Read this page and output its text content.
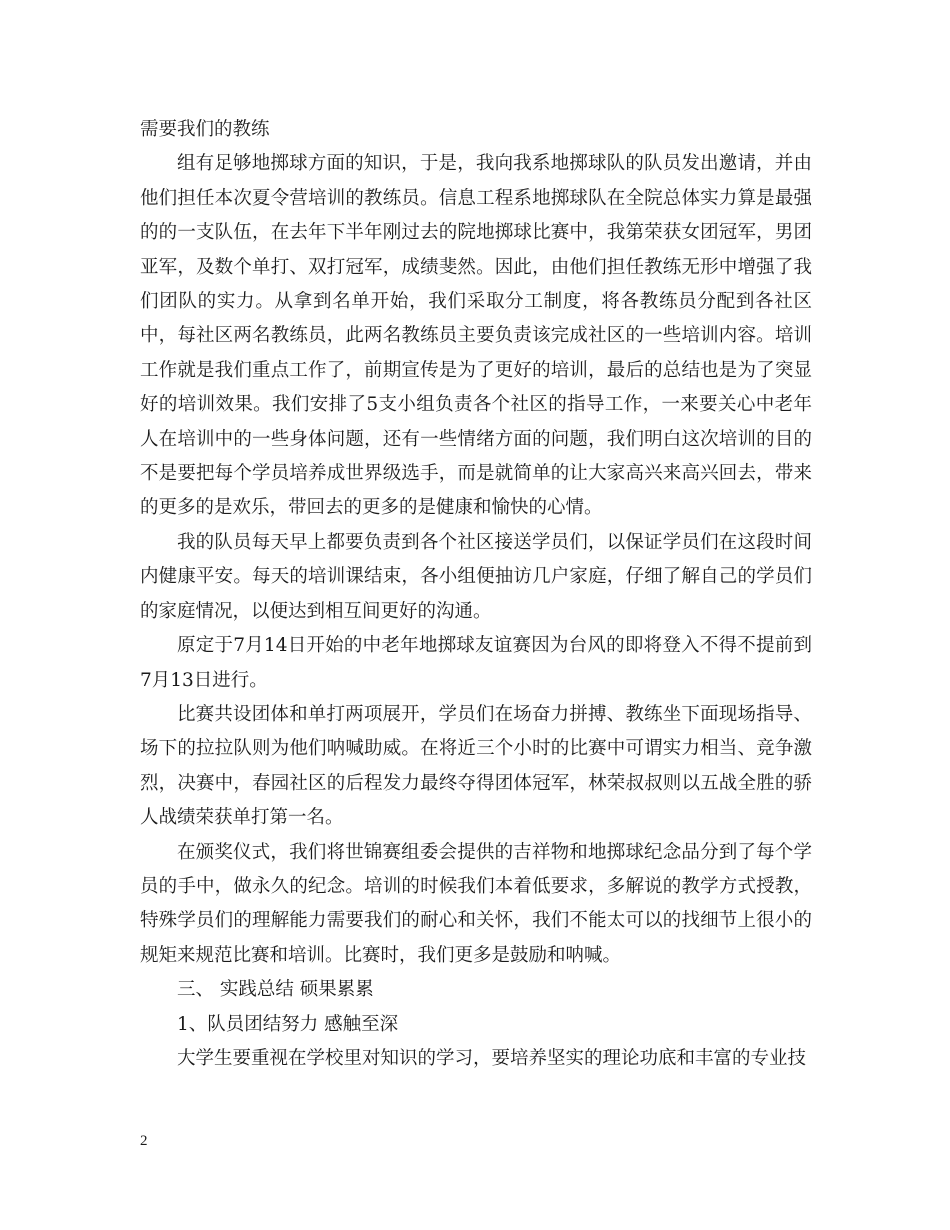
需要我们的教练

组有足够地掷球方面的知识，于是，我向我系地掷球队的队员发出邀请，并由他们担任本次夏令营培训的教练员。信息工程系地掷球队在全院总体实力算是最强的的一支队伍，在去年下半年刚过去的院地掷球比赛中，我第荣获女团冠军，男团亚军，及数个单打、双打冠军，成绩斐然。因此，由他们担任教练无形中增强了我们团队的实力。从拿到名单开始，我们采取分工制度，将各教练员分配到各社区中，每社区两名教练员，此两名教练员主要负责该完成社区的一些培训内容。培训工作就是我们重点工作了，前期宣传是为了更好的培训，最后的总结也是为了突显好的培训效果。我们安排了5支小组负责各个社区的指导工作，一来要关心中老年人在培训中的一些身体问题，还有一些情绪方面的问题，我们明白这次培训的目的不是要把每个学员培养成世界级选手，而是就简单的让大家高兴来高兴回去，带来的更多的是欢乐，带回去的更多的是健康和愉快的心情。

我的队员每天早上都要负责到各个社区接送学员们，以保证学员们在这段时间内健康平安。每天的培训课结束，各小组便抽访几户家庭，仔细了解自己的学员们的家庭情况，以便达到相互间更好的沟通。

原定于7月14日开始的中老年地掷球友谊赛因为台风的即将登入不得不提前到7月13日进行。

比赛共设团体和单打两项展开，学员们在场奋力拼搏、教练坐下面现场指导、场下的拉拉队则为他们呐喊助威。在将近三个小时的比赛中可谓实力相当、竞争激烈，决赛中，春园社区的后程发力最终夺得团体冠军，林荣叔叔则以五战全胜的骄人战绩荣获单打第一名。

在颁奖仪式，我们将世锦赛组委会提供的吉祥物和地掷球纪念品分到了每个学员的手中，做永久的纪念。培训的时候我们本着低要求，多解说的教学方式授教，特殊学员们的理解能力需要我们的耐心和关怀，我们不能太可以的找细节上很小的规矩来规范比赛和培训。比赛时，我们更多是鼓励和呐喊。

三、 实践总结 硕果累累

1、队员团结努力 感触至深

大学生要重视在学校里对知识的学习，要培养坚实的理论功底和丰富的专业技

2
